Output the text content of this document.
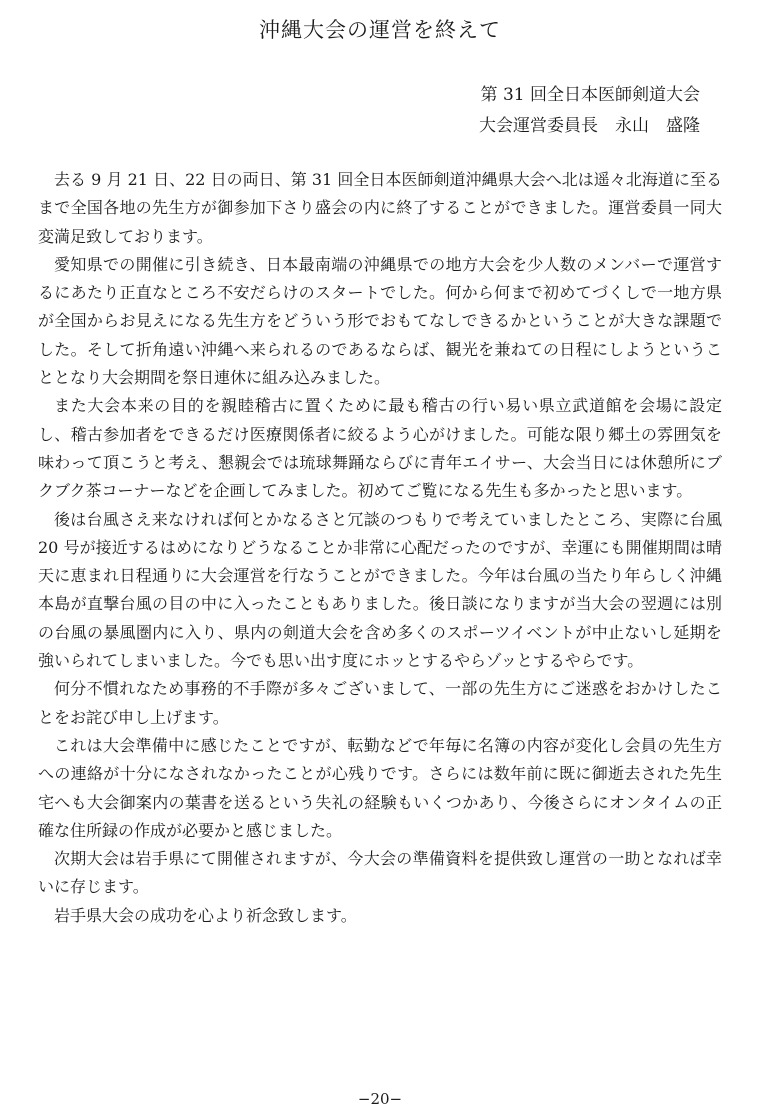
沖縄大会の運営を終えて
第 31 回全日本医師剣道大会
大会運営委員長　永山　盛隆

去る 9 月 21 日、22 日の両日、第 31 回全日本医師剣道沖縄県大会へ北は遥々北海道に至るまで全国各地の先生方が御参加下さり盛会の内に終了することができました。運営委員一同大変満足致しております。

愛知県での開催に引き続き、日本最南端の沖縄県での地方大会を少人数のメンバーで運営するにあたり正直なところ不安だらけのスタートでした。何から何まで初めてづくしで一地方県が全国からお見えになる先生方をどういう形でおもてなしできるかということが大きな課題でした。そして折角遠い沖縄へ来られるのであるならば、観光を兼ねての日程にしようということとなり大会期間を祭日連休に組み込みました。

また大会本来の目的を親睦稽古に置くために最も稽古の行い易い県立武道館を会場に設定し、稽古参加者をできるだけ医療関係者に絞るよう心がけました。可能な限り郷土の雰囲気を味わって頂こうと考え、懇親会では琉球舞踊ならびに青年エイサー、大会当日には休憩所にブクブク茶コーナーなどを企画してみました。初めてご覧になる先生も多かったと思います。

後は台風さえ来なければ何とかなるさと冗談のつもりで考えていましたところ、実際に台風 20 号が接近するはめになりどうなることか非常に心配だったのですが、幸運にも開催期間は晴天に恵まれ日程通りに大会運営を行なうことができました。今年は台風の当たり年らしく沖縄本島が直撃台風の目の中に入ったこともありました。後日談になりますが当大会の翌週には別の台風の暴風圏内に入り、県内の剣道大会を含め多くのスポーツイベントが中止ないし延期を強いられてしまいました。今でも思い出す度にホッとするやらゾッとするやらです。

何分不慣れなため事務的不手際が多々ございまして、一部の先生方にご迷惑をおかけしたことをお詫び申し上げます。

これは大会準備中に感じたことですが、転勤などで年毎に名簿の内容が変化し会員の先生方への連絡が十分になされなかったことが心残りです。さらには数年前に既に御逝去された先生宅へも大会御案内の葉書を送るという失礼の経験もいくつかあり、今後さらにオンタイムの正確な住所録の作成が必要かと感じました。

次期大会は岩手県にて開催されますが、今大会の準備資料を提供致し運営の一助となれば幸いに存じます。

岩手県大会の成功を心より祈念致します。

−20−
